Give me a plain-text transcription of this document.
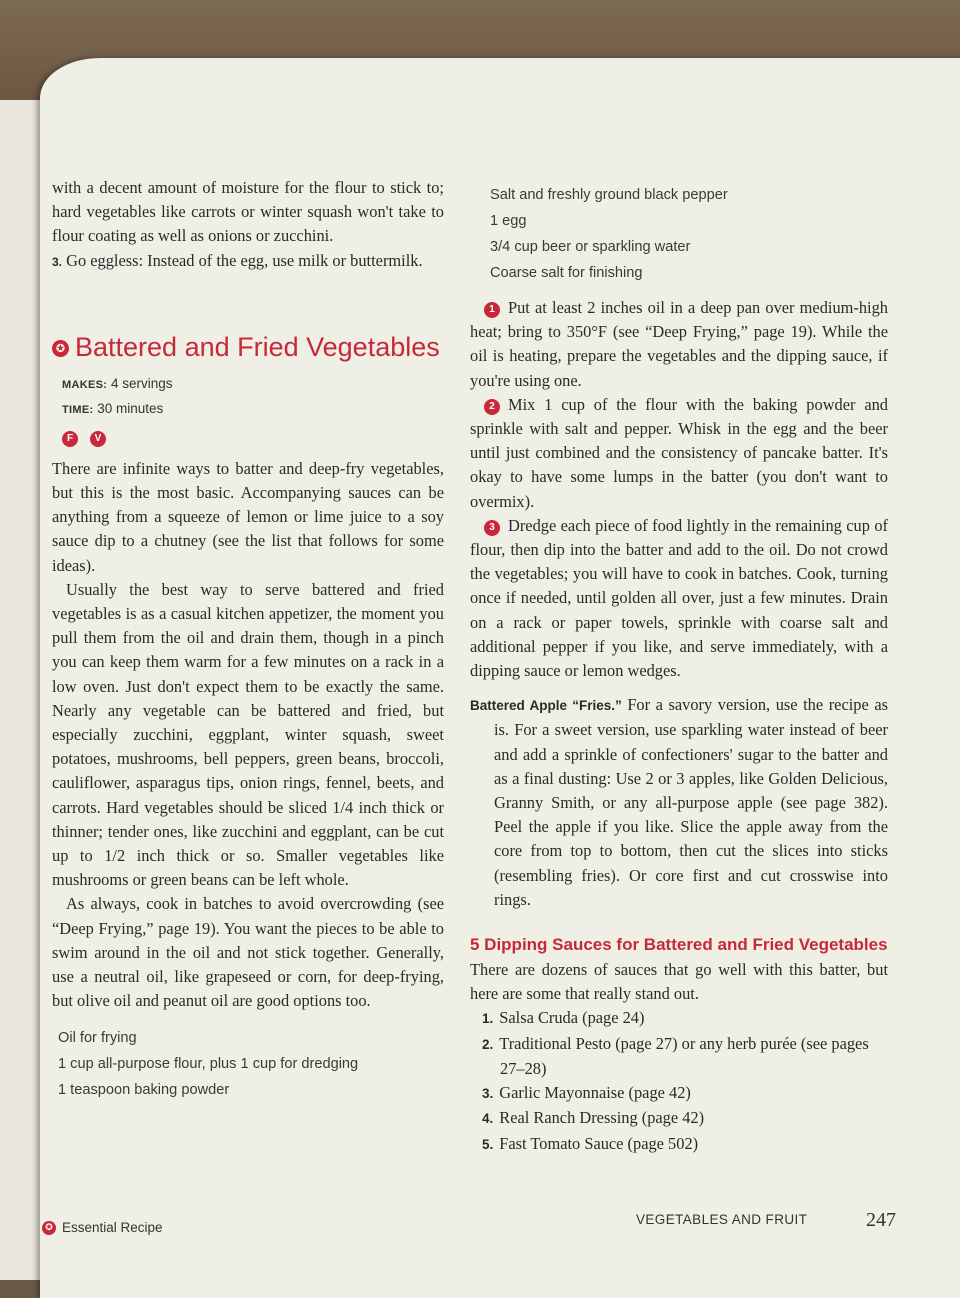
with a decent amount of moisture for the flour to stick to; hard vegetables like carrots or winter squash won't take to flour coating as well as onions or zucchini.

3. Go eggless: Instead of the egg, use milk or buttermilk.

✪ Battered and Fried Vegetables

MAKES: 4 servings

TIME: 30 minutes

F V

There are infinite ways to batter and deep-fry vegetables, but this is the most basic. Accompanying sauces can be anything from a squeeze of lemon or lime juice to a soy sauce dip to a chutney (see the list that follows for some ideas).

Usually the best way to serve battered and fried vegetables is as a casual kitchen appetizer, the moment you pull them from the oil and drain them, though in a pinch you can keep them warm for a few minutes on a rack in a low oven. Just don't expect them to be exactly the same. Nearly any vegetable can be battered and fried, but especially zucchini, eggplant, winter squash, sweet potatoes, mushrooms, bell peppers, green beans, broccoli, cauliflower, asparagus tips, onion rings, fennel, beets, and carrots. Hard vegetables should be sliced 1/4 inch thick or thinner; tender ones, like zucchini and eggplant, can be cut up to 1/2 inch thick or so. Smaller vegetables like mushrooms or green beans can be left whole.

As always, cook in batches to avoid overcrowding (see “Deep Frying,” page 19). You want the pieces to be able to swim around in the oil and not stick together. Generally, use a neutral oil, like grapeseed or corn, for deep-frying, but olive oil and peanut oil are good options too.

Oil for frying

1 cup all-purpose flour, plus 1 cup for dredging

1 teaspoon baking powder

Salt and freshly ground black pepper

1 egg

3/4 cup beer or sparkling water

Coarse salt for finishing

1 Put at least 2 inches oil in a deep pan over medium-high heat; bring to 350°F (see “Deep Frying,” page 19). While the oil is heating, prepare the vegetables and the dipping sauce, if you're using one.

2 Mix 1 cup of the flour with the baking powder and sprinkle with salt and pepper. Whisk in the egg and the beer until just combined and the consistency of pancake batter. It's okay to have some lumps in the batter (you don't want to overmix).

3 Dredge each piece of food lightly in the remaining cup of flour, then dip into the batter and add to the oil. Do not crowd the vegetables; you will have to cook in batches. Cook, turning once if needed, until golden all over, just a few minutes. Drain on a rack or paper towels, sprinkle with coarse salt and additional pepper if you like, and serve immediately, with a dipping sauce or lemon wedges.

Battered Apple “Fries.” For a savory version, use the recipe as is. For a sweet version, use sparkling water instead of beer and add a sprinkle of confectioners' sugar to the batter and as a final dusting: Use 2 or 3 apples, like Golden Delicious, Granny Smith, or any all-purpose apple (see page 382). Peel the apple if you like. Slice the apple away from the core from top to bottom, then cut the slices into sticks (resembling fries). Or core first and cut crosswise into rings.

5 Dipping Sauces for Battered and Fried Vegetables

There are dozens of sauces that go well with this batter, but here are some that really stand out.

1. Salsa Cruda (page 24)
2. Traditional Pesto (page 27) or any herb purée (see pages 27–28)
3. Garlic Mayonnaise (page 42)
4. Real Ranch Dressing (page 42)
5. Fast Tomato Sauce (page 502)
✪ Essential Recipe
VEGETABLES AND FRUIT	247
